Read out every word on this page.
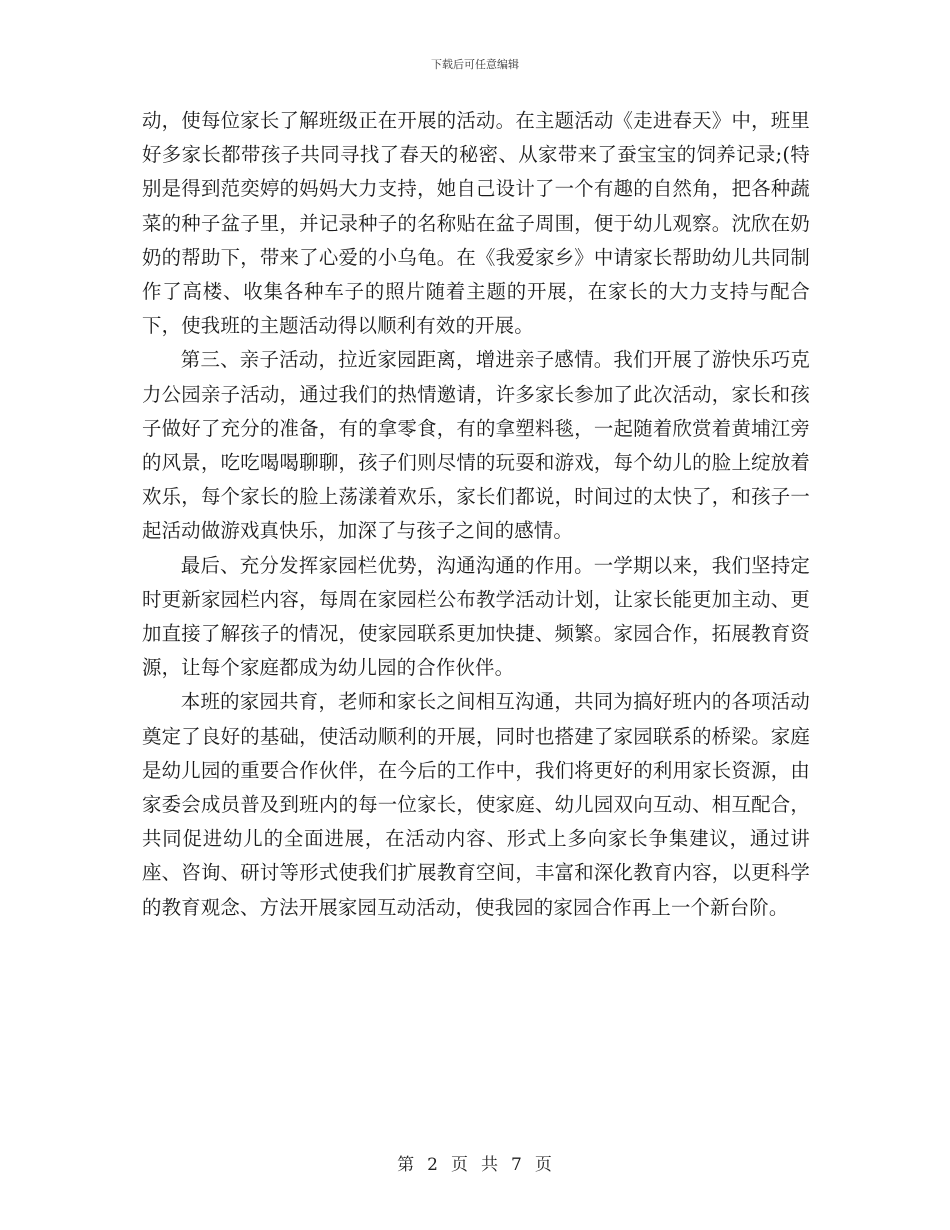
下载后可任意编辑

动，使每位家长了解班级正在开展的活动。在主题活动《走进春天》中，班里好多家长都带孩子共同寻找了春天的秘密、从家带来了蚕宝宝的饲养记录;(特别是得到范奕婷的妈妈大力支持，她自己设计了一个有趣的自然角，把各种蔬菜的种子盆子里，并记录种子的名称贴在盆子周围，便于幼儿观察。沈欣在奶奶的帮助下，带来了心爱的小乌龟。在《我爱家乡》中请家长帮助幼儿共同制作了高楼、收集各种车子的照片随着主题的开展，在家长的大力支持与配合下，使我班的主题活动得以顺利有效的开展。

第三、亲子活动，拉近家园距离，增进亲子感情。我们开展了游快乐巧克力公园亲子活动，通过我们的热情邀请，许多家长参加了此次活动，家长和孩子做好了充分的准备，有的拿零食，有的拿塑料毯，一起随着欣赏着黄埔江旁的风景，吃吃喝喝聊聊，孩子们则尽情的玩耍和游戏，每个幼儿的脸上绽放着欢乐，每个家长的脸上荡漾着欢乐，家长们都说，时间过的太快了，和孩子一起活动做游戏真快乐，加深了与孩子之间的感情。

最后、充分发挥家园栏优势，沟通沟通的作用。一学期以来，我们坚持定时更新家园栏内容，每周在家园栏公布教学活动计划，让家长能更加主动、更加直接了解孩子的情况，使家园联系更加快捷、频繁。家园合作，拓展教育资源，让每个家庭都成为幼儿园的合作伙伴。

本班的家园共育，老师和家长之间相互沟通，共同为搞好班内的各项活动奠定了良好的基础，使活动顺利的开展，同时也搭建了家园联系的桥梁。家庭是幼儿园的重要合作伙伴，在今后的工作中，我们将更好的利用家长资源，由家委会成员普及到班内的每一位家长，使家庭、幼儿园双向互动、相互配合，共同促进幼儿的全面进展，在活动内容、形式上多向家长争集建议，通过讲座、咨询、研讨等形式使我们扩展教育空间，丰富和深化教育内容，以更科学的教育观念、方法开展家园互动活动，使我园的家园合作再上一个新台阶。

第 2 页 共 7 页
